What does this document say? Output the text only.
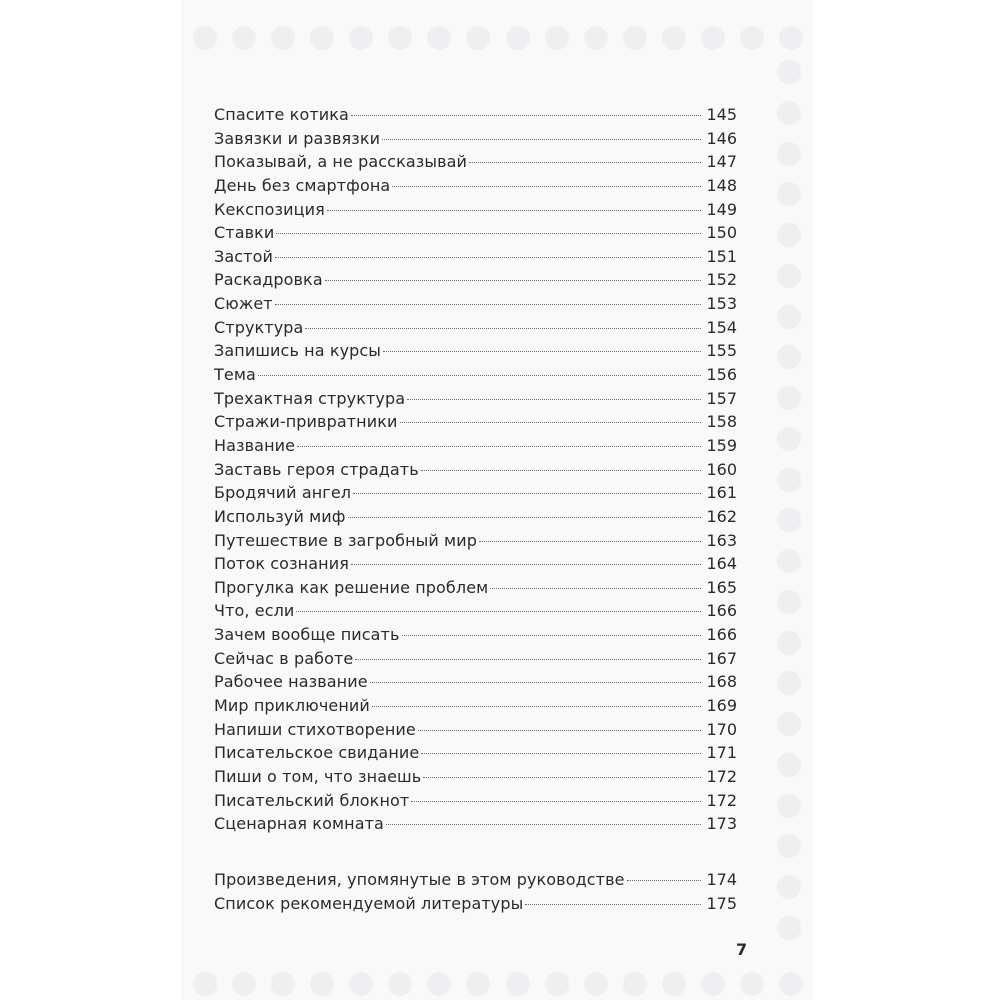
Спасите котика	145
Завязки и развязки	146
Показывай, а не рассказывай	147
День без смартфона	148
Кекспозиция	149
Ставки	150
Застой	151
Раскадровка	152
Сюжет	153
Структура	154
Запишись на курсы	155
Тема	156
Трехактная структура	157
Стражи-привратники	158
Название	159
Заставь героя страдать	160
Бродячий ангел	161
Используй миф	162
Путешествие в загробный мир	163
Поток сознания	164
Прогулка как решение проблем	165
Что, если	166
Зачем вообще писать	166
Сейчас в работе	167
Рабочее название	168
Мир приключений	169
Напиши стихотворение	170
Писательское свидание	171
Пиши о том, что знаешь	172
Писательский блокнот	172
Сценарная комната	173
Произведения, упомянутые в этом руководстве	174
Список рекомендуемой литературы	175
7
